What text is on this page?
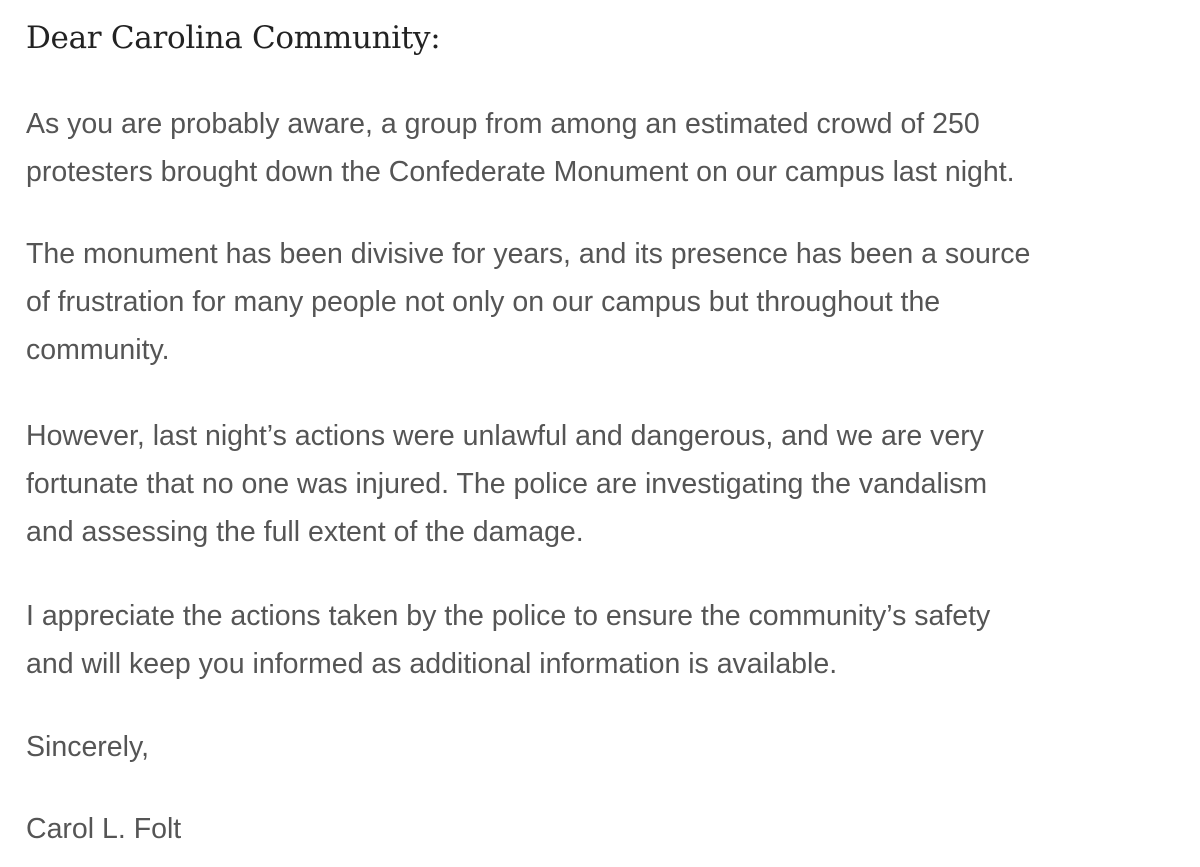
Dear Carolina Community:

As you are probably aware, a group from among an estimated crowd of 250
protesters brought down the Confederate Monument on our campus last night.

The monument has been divisive for years, and its presence has been a source
of frustration for many people not only on our campus but throughout the
community.

However, last night’s actions were unlawful and dangerous, and we are very
fortunate that no one was injured. The police are investigating the vandalism
and assessing the full extent of the damage.

I appreciate the actions taken by the police to ensure the community’s safety
and will keep you informed as additional information is available.

Sincerely,

Carol L. Folt
